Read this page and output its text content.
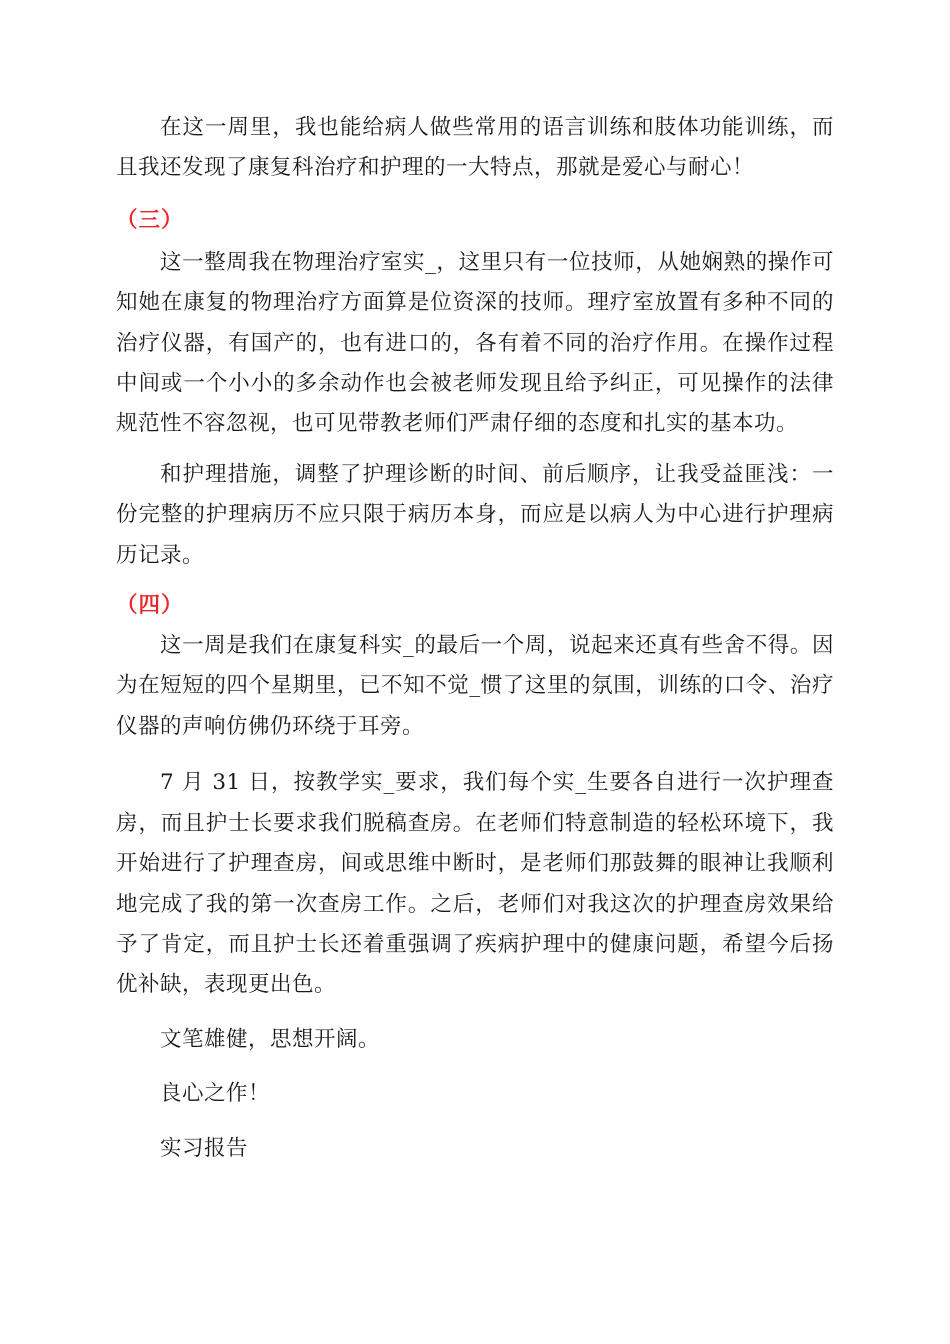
在这一周里，我也能给病人做些常用的语言训练和肢体功能训练，而且我还发现了康复科治疗和护理的一大特点，那就是爱心与耐心！

（三）

这一整周我在物理治疗室实_，这里只有一位技师，从她娴熟的操作可知她在康复的物理治疗方面算是位资深的技师。理疗室放置有多种不同的治疗仪器，有国产的，也有进口的，各有着不同的治疗作用。在操作过程中间或一个小小的多余动作也会被老师发现且给予纠正，可见操作的法律规范性不容忽视，也可见带教老师们严肃仔细的态度和扎实的基本功。

和护理措施，调整了护理诊断的时间、前后顺序，让我受益匪浅：一份完整的护理病历不应只限于病历本身，而应是以病人为中心进行护理病历记录。

（四）

这一周是我们在康复科实_的最后一个周，说起来还真有些舍不得。因为在短短的四个星期里，已不知不觉_惯了这里的氛围，训练的口令、治疗仪器的声响仿佛仍环绕于耳旁。

7 月 31 日，按教学实_要求，我们每个实_生要各自进行一次护理查房，而且护士长要求我们脱稿查房。在老师们特意制造的轻松环境下，我开始进行了护理查房，间或思维中断时，是老师们那鼓舞的眼神让我顺利地完成了我的第一次查房工作。之后，老师们对我这次的护理查房效果给予了肯定，而且护士长还着重强调了疾病护理中的健康问题，希望今后扬优补缺，表现更出色。

文笔雄健，思想开阔。

良心之作！

实习报告
